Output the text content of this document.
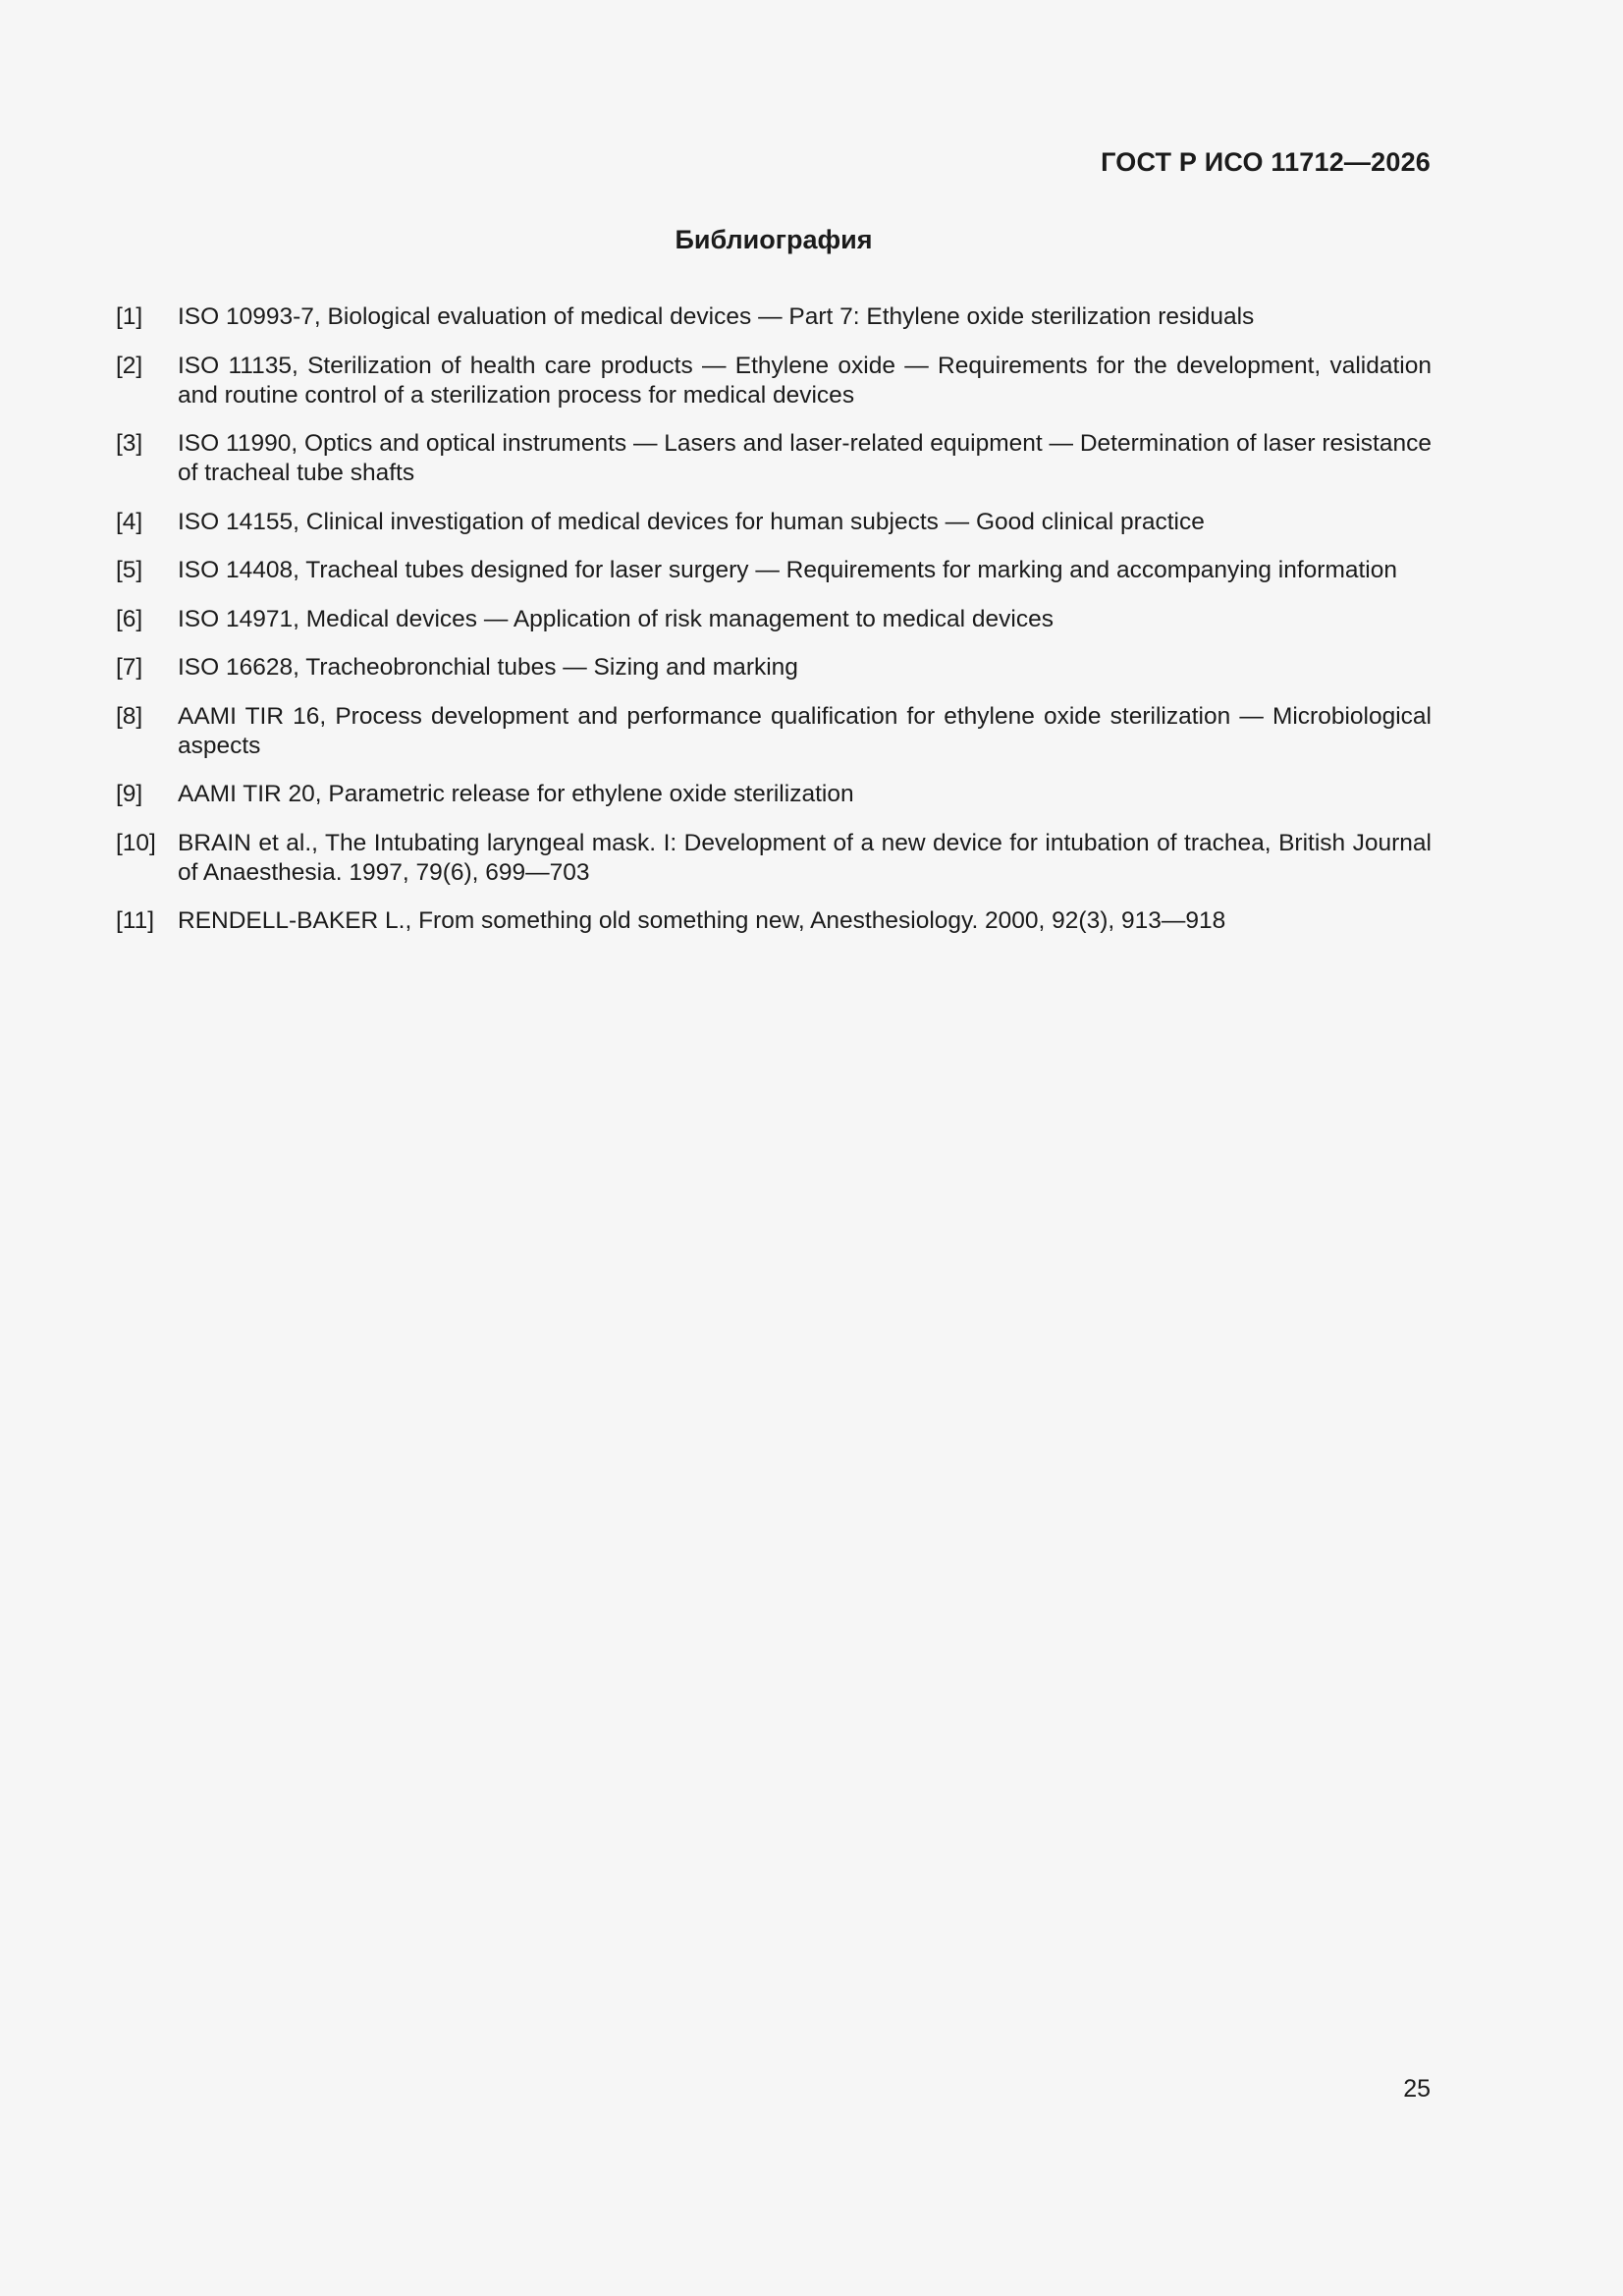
ГОСТ Р ИСО 11712—2026
Библиография
[1]	ISO 10993-7, Biological evaluation of medical devices — Part 7: Ethylene oxide sterilization residuals
[2]	ISO 11135, Sterilization of health care products — Ethylene oxide — Requirements for the development, validation and routine control of a sterilization process for medical devices
[3]	ISO 11990, Optics and optical instruments — Lasers and laser-related equipment — Determination of laser resistance of tracheal tube shafts
[4]	ISO 14155, Clinical investigation of medical devices for human subjects — Good clinical practice
[5]	ISO 14408, Tracheal tubes designed for laser surgery — Requirements for marking and accompanying information
[6]	ISO 14971, Medical devices — Application of risk management to medical devices
[7]	ISO 16628, Tracheobronchial tubes — Sizing and marking
[8]	AAMI TIR 16, Process development and performance qualification for ethylene oxide sterilization — Microbiological aspects
[9]	AAMI TIR 20, Parametric release for ethylene oxide sterilization
[10] BRAIN et al., The Intubating laryngeal mask. I: Development of a new device for intubation of trachea, British Journal of Anaesthesia. 1997, 79(6), 699—703
[11] RENDELL-BAKER L., From something old something new, Anesthesiology. 2000, 92(3), 913—918
25
